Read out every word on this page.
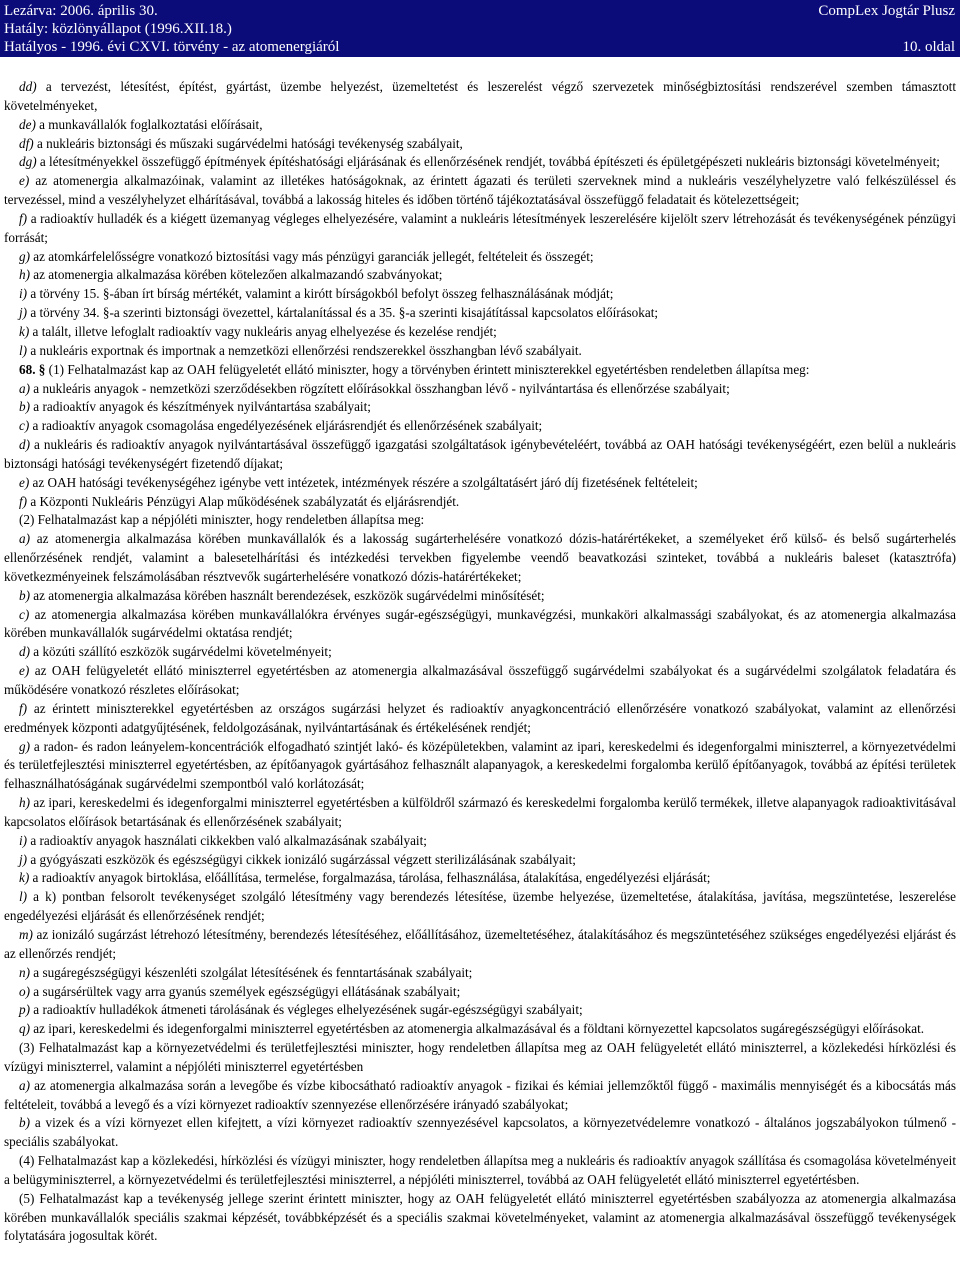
Lezárva: 2006. április 30.	CompLex Jogtár Plusz
Hatály: közlönyállapot (1996.XII.18.)
Hatályos - 1996. évi CXVI. törvény - az atomenergiáról	10. oldal

dd) a tervezést, létesítést, építést, gyártást, üzembe helyezést, üzemeltetést és leszerelést végző szervezetek minőségbiztosítási rendszerével szemben támasztott követelményeket,

de) a munkavállalók foglalkoztatási előírásait,

df) a nukleáris biztonsági és műszaki sugárvédelmi hatósági tevékenység szabályait,

dg) a létesítményekkel összefüggő építmények építéshatósági eljárásának és ellenőrzésének rendjét, továbbá építészeti és épületgépészeti nukleáris biztonsági követelményeit;

e) az atomenergia alkalmazóinak, valamint az illetékes hatóságoknak, az érintett ágazati és területi szerveknek mind a nukleáris veszélyhelyzetre való felkészüléssel és tervezéssel, mind a veszélyhelyzet elhárításával, továbbá a lakosság hiteles és időben történő tájékoztatásával összefüggő feladatait és kötelezettségeit;

f) a radioaktív hulladék és a kiégett üzemanyag végleges elhelyezésére, valamint a nukleáris létesítmények leszerelésére kijelölt szerv létrehozását és tevékenységének pénzügyi forrását;

g) az atomkárfelelősségre vonatkozó biztosítási vagy más pénzügyi garanciák jellegét, feltételeit és összegét;

h) az atomenergia alkalmazása körében kötelezően alkalmazandó szabványokat;

i) a törvény 15. §-ában írt bírság mértékét, valamint a kirótt bírságokból befolyt összeg felhasználásának módját;

j) a törvény 34. §-a szerinti biztonsági övezettel, kártalanítással és a 35. §-a szerinti kisajátítással kapcsolatos előírásokat;

k) a talált, illetve lefoglalt radioaktív vagy nukleáris anyag elhelyezése és kezelése rendjét;

l) a nukleáris exportnak és importnak a nemzetközi ellenőrzési rendszerekkel összhangban lévő szabályait.

68. § (1) Felhatalmazást kap az OAH felügyeletét ellátó miniszter, hogy a törvényben érintett miniszterekkel egyetértésben rendeletben állapítsa meg:

a) a nukleáris anyagok - nemzetközi szerződésekben rögzített előírásokkal összhangban lévő - nyilvántartása és ellenőrzése szabályait;

b) a radioaktív anyagok és készítmények nyilvántartása szabályait;

c) a radioaktív anyagok csomagolása engedélyezésének eljárásrendjét és ellenőrzésének szabályait;

d) a nukleáris és radioaktív anyagok nyilvántartásával összefüggő igazgatási szolgáltatások igénybevételéért, továbbá az OAH hatósági tevékenységéért, ezen belül a nukleáris biztonsági hatósági tevékenységért fizetendő díjakat;

e) az OAH hatósági tevékenységéhez igénybe vett intézetek, intézmények részére a szolgáltatásért járó díj fizetésének feltételeit;

f) a Központi Nukleáris Pénzügyi Alap működésének szabályzatát és eljárásrendjét.

(2) Felhatalmazást kap a népjóléti miniszter, hogy rendeletben állapítsa meg:

a) az atomenergia alkalmazása körében munkavállalók és a lakosság sugárterhelésére vonatkozó dózis-határértékeket, a személyeket érő külső- és belső sugárterhelés ellenőrzésének rendjét, valamint a balesetelhárítási és intézkedési tervekben figyelembe veendő beavatkozási szinteket, továbbá a nukleáris baleset (katasztrófa) következményeinek felszámolásában résztvevők sugárterhelésére vonatkozó dózis-határértékeket;

b) az atomenergia alkalmazása körében használt berendezések, eszközök sugárvédelmi minősítését;

c) az atomenergia alkalmazása körében munkavállalókra érvényes sugár-egészségügyi, munkavégzési, munkaköri alkalmassági szabályokat, és az atomenergia alkalmazása körében munkavállalók sugárvédelmi oktatása rendjét;

d) a közúti szállító eszközök sugárvédelmi követelményeit;

e) az OAH felügyeletét ellátó miniszterrel egyetértésben az atomenergia alkalmazásával összefüggő sugárvédelmi szabályokat és a sugárvédelmi szolgálatok feladatára és működésére vonatkozó részletes előírásokat;

f) az érintett miniszterekkel egyetértésben az országos sugárzási helyzet és radioaktív anyagkoncentráció ellenőrzésére vonatkozó szabályokat, valamint az ellenőrzési eredmények központi adatgyűjtésének, feldolgozásának, nyilvántartásának és értékelésének rendjét;

g) a radon- és radon leányelem-koncentrációk elfogadható szintjét lakó- és középületekben, valamint az ipari, kereskedelmi és idegenforgalmi miniszterrel, a környezetvédelmi és területfejlesztési miniszterrel egyetértésben, az építőanyagok gyártásához felhasznált alapanyagok, a kereskedelmi forgalomba kerülő építőanyagok, továbbá az építési területek felhasználhatóságának sugárvédelmi szempontból való korlátozását;

h) az ipari, kereskedelmi és idegenforgalmi miniszterrel egyetértésben a külföldről származó és kereskedelmi forgalomba kerülő termékek, illetve alapanyagok radioaktivitásával kapcsolatos előírások betartásának és ellenőrzésének szabályait;

i) a radioaktív anyagok használati cikkekben való alkalmazásának szabályait;

j) a gyógyászati eszközök és egészségügyi cikkek ionizáló sugárzással végzett sterilizálásának szabályait;

k) a radioaktív anyagok birtoklása, előállítása, termelése, forgalmazása, tárolása, felhasználása, átalakítása, engedélyezési eljárását;

l) a k) pontban felsorolt tevékenységet szolgáló létesítmény vagy berendezés létesítése, üzembe helyezése, üzemeltetése, átalakítása, javítása, megszüntetése, leszerelése engedélyezési eljárását és ellenőrzésének rendjét;

m) az ionizáló sugárzást létrehozó létesítmény, berendezés létesítéséhez, előállításához, üzemeltetéséhez, átalakításához és megszüntetéséhez szükséges engedélyezési eljárást és az ellenőrzés rendjét;

n) a sugáregészségügyi készenléti szolgálat létesítésének és fenntartásának szabályait;

o) a sugársérültek vagy arra gyanús személyek egészségügyi ellátásának szabályait;

p) a radioaktív hulladékok átmeneti tárolásának és végleges elhelyezésének sugár-egészségügyi szabályait;

q) az ipari, kereskedelmi és idegenforgalmi miniszterrel egyetértésben az atomenergia alkalmazásával és a földtani környezettel kapcsolatos sugáregészségügyi előírásokat.

(3) Felhatalmazást kap a környezetvédelmi és területfejlesztési miniszter, hogy rendeletben állapítsa meg az OAH felügyeletét ellátó miniszterrel, a közlekedési hírközlési és vízügyi miniszterrel, valamint a népjóléti miniszterrel egyetértésben

a) az atomenergia alkalmazása során a levegőbe és vízbe kibocsátható radioaktív anyagok - fizikai és kémiai jellemzőktől függő - maximális mennyiségét és a kibocsátás más feltételeit, továbbá a levegő és a vízi környezet radioaktív szennyezése ellenőrzésére irányadó szabályokat;

b) a vizek és a vízi környezet ellen kifejtett, a vízi környezet radioaktív szennyezésével kapcsolatos, a környezetvédelemre vonatkozó - általános jogszabályokon túlmenő - speciális szabályokat.

(4) Felhatalmazást kap a közlekedési, hírközlési és vízügyi miniszter, hogy rendeletben állapítsa meg a nukleáris és radioaktív anyagok szállítása és csomagolása követelményeit a belügyminiszterrel, a környezetvédelmi és területfejlesztési miniszterrel, a népjóléti miniszterrel, továbbá az OAH felügyeletét ellátó miniszterrel egyetértésben.

(5) Felhatalmazást kap a tevékenység jellege szerint érintett miniszter, hogy az OAH felügyeletét ellátó miniszterrel egyetértésben szabályozza az atomenergia alkalmazása körében munkavállalók speciális szakmai képzését, továbbképzését és a speciális szakmai követelményeket, valamint az atomenergia alkalmazásával összefüggő tevékenységek folytatására jogosultak körét.
